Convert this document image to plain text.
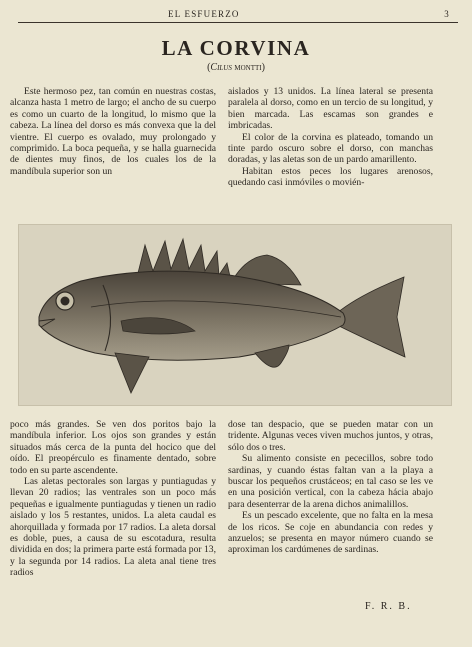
EL ESFUERZO	3
LA CORVINA
(Cilus montti)

Este hermoso pez, tan común en nuestras costas, alcanza hasta 1 metro de largo; el ancho de su cuerpo es como un cuarto de la longitud, lo mismo que la cabeza. La línea del dorso es más convexa que la del vientre. El cuerpo es ovalado, muy prolongado y comprimido. La boca pequeña, y se halla guarnecida de dientes muy finos, de los cuales los de la mandíbula superior son un

aislados y 13 unidos. La línea lateral se presenta paralela al dorso, como en un tercio de su longitud, y bien marcada. Las escamas son grandes e imbricadas.

El color de la corvina es plateado, tomando un tinte pardo oscuro sobre el dorso, con manchas doradas, y las aletas son de un pardo amarillento.

Habitan estos peces los lugares arenosos, quedando casi inmóviles o movién-

poco más grandes. Se ven dos poritos bajo la mandíbula inferior. Los ojos son grandes y están situados más cerca de la punta del hocico que del oído. El preopérculo es finamente dentado, sobre todo en su parte ascendente.

Las aletas pectorales son largas y puntiagudas y llevan 20 radios; las ventrales son un poco más pequeñas e igualmente puntiagudas y tienen un radio aislado y los 5 restantes, unidos. La aleta caudal es ahorquillada y formada por 17 radios. La aleta dorsal es doble, pues, a causa de su escotadura, resulta dividida en dos; la primera parte está formada por 13, y la segunda por 14 radios. La aleta anal tiene tres radios

dose tan despacio, que se pueden matar con un tridente. Algunas veces viven muchos juntos, y otras, sólo dos o tres.

Su alimento consiste en pececillos, sobre todo sardinas, y cuando éstas faltan van a la playa a buscar los pequeños crustáceos; en tal caso se les ve en una posición vertical, con la cabeza hácia abajo para desenterrar de la arena dichos animalillos.

Es un pescado excelente, que no falta en la mesa de los ricos. Se coje en abundancia con redes y anzuelos; se presenta en mayor número cuando se aproximan los cardúmenes de sardinas.

F. R. B.
